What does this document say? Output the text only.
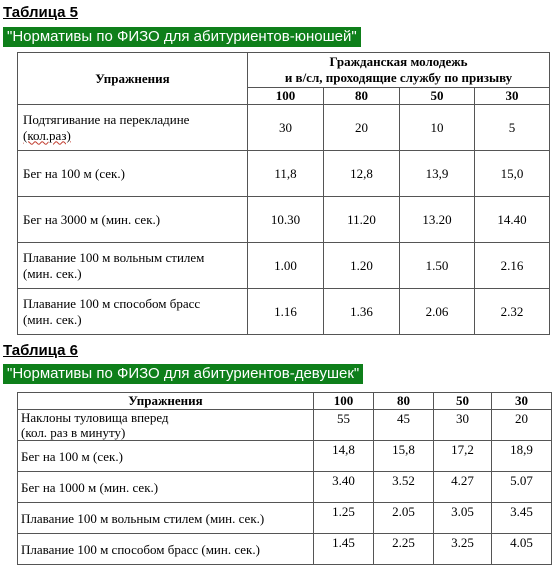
Таблица 5
"Нормативы по ФИЗО для абитуриентов-юношей"
Упражнения	Гражданская молодежь
и в/сл, проходящие службу по призыву			

	100	80	50	30

Подтягивание на перекладине
(кол.раз)	30	20	10	5

Бег на 100 м (сек.)	11,8	12,8	13,9	15,0

Бег на 3000 м (мин. сек.)	10.30	11.20	13.20	14.40

Плавание 100 м вольным стилем
(мин. сек.)	1.00	1.20	1.50	2.16

Плавание 100 м способом брасс
(мин. сек.)	1.16	1.36	2.06	2.32
Таблица 6
"Нормативы по ФИЗО для абитуриентов-девушек"
Упражнения	100	80	50	30

Наклоны туловища вперед
(кол. раз в минуту)	55	45	30	20

Бег на 100 м (сек.)	14,8	15,8	17,2	18,9

Бег на 1000 м (мин. сек.)	3.40	3.52	4.27	5.07

Плавание 100 м вольным стилем (мин. сек.)	1.25	2.05	3.05	3.45

Плавание 100 м способом брасс (мин. сек.)	1.45	2.25	3.25	4.05
